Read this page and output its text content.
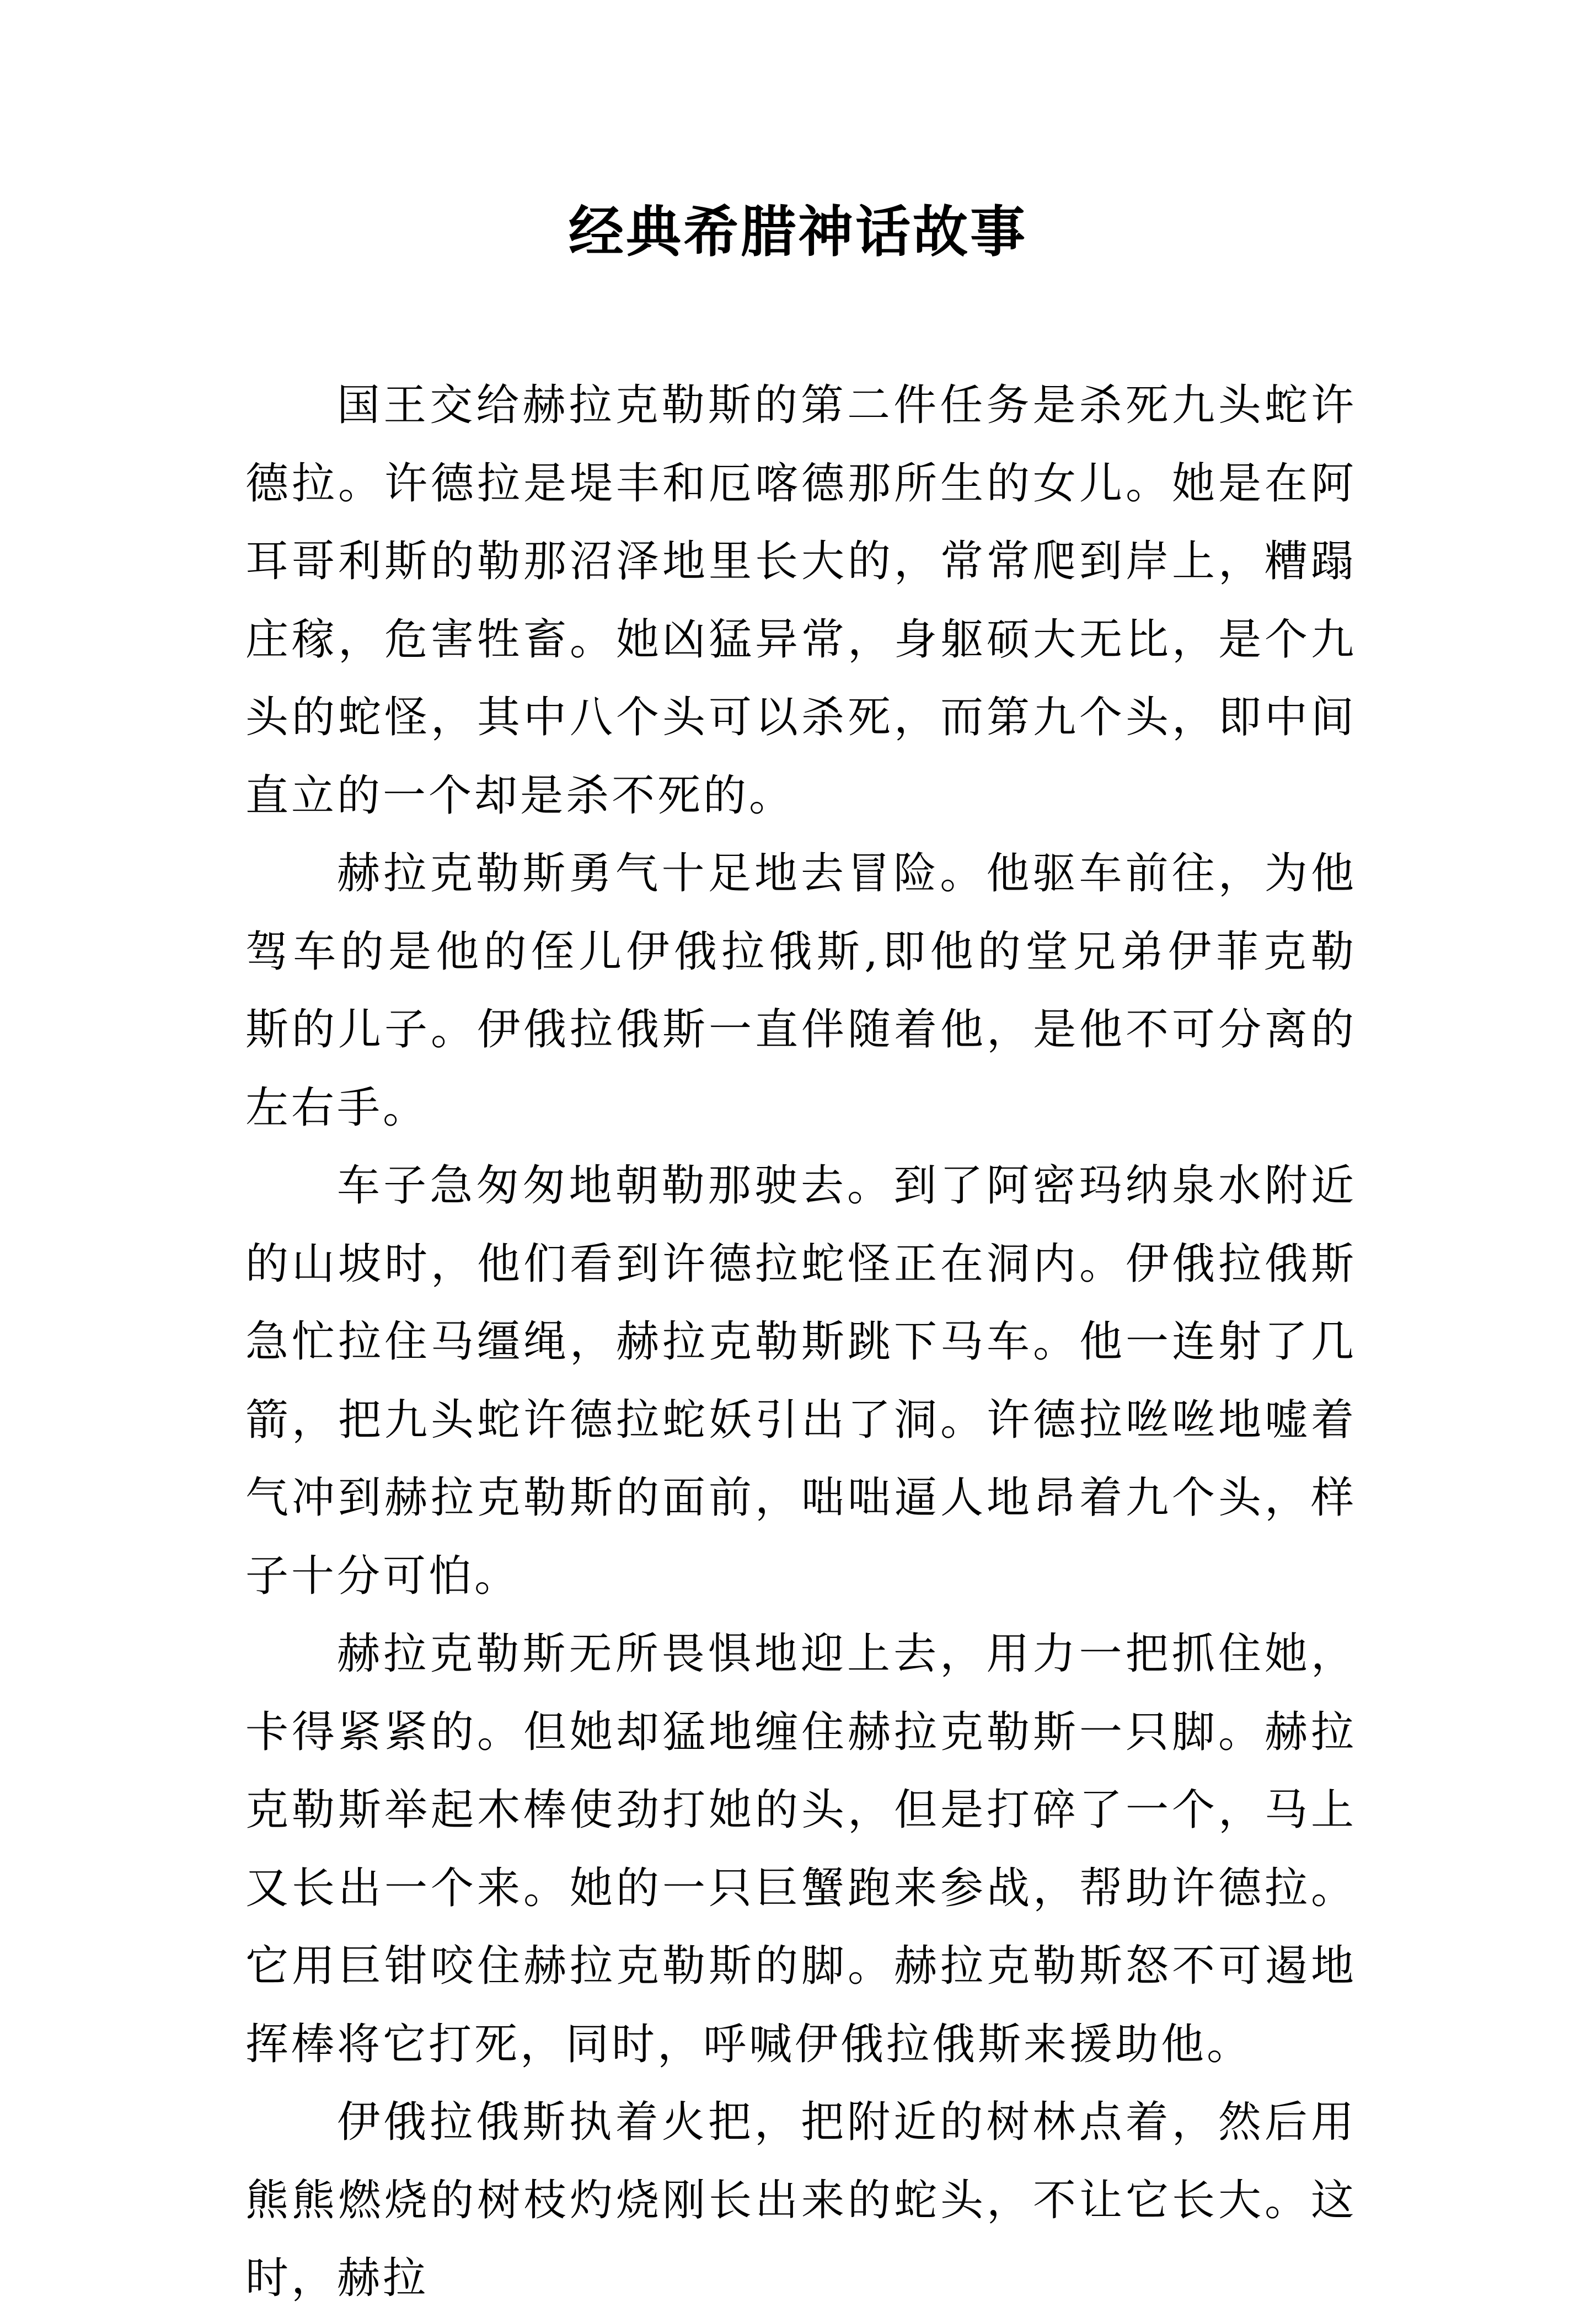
经典希腊神话故事

国王交给赫拉克勒斯的第二件任务是杀死九头蛇许德拉。许德拉是堤丰和厄喀德那所生的女儿。她是在阿耳哥利斯的勒那沼泽地里长大的，常常爬到岸上，糟蹋庄稼，危害牲畜。她凶猛异常，身躯硕大无比，是个九头的蛇怪，其中八个头可以杀死，而第九个头，即中间直立的一个却是杀不死的。

赫拉克勒斯勇气十足地去冒险。他驱车前往，为他驾车的是他的侄儿伊俄拉俄斯,即他的堂兄弟伊菲克勒斯的儿子。伊俄拉俄斯一直伴随着他，是他不可分离的左右手。

车子急匆匆地朝勒那驶去。到了阿密玛纳泉水附近的山坡时，他们看到许德拉蛇怪正在洞内。伊俄拉俄斯急忙拉住马缰绳，赫拉克勒斯跳下马车。他一连射了几箭，把九头蛇许德拉蛇妖引出了洞。许德拉咝咝地嘘着气冲到赫拉克勒斯的面前，咄咄逼人地昂着九个头，样子十分可怕。

赫拉克勒斯无所畏惧地迎上去，用力一把抓住她，卡得紧紧的。但她却猛地缠住赫拉克勒斯一只脚。赫拉克勒斯举起木棒使劲打她的头，但是打碎了一个，马上又长出一个来。她的一只巨蟹跑来参战，帮助许德拉。它用巨钳咬住赫拉克勒斯的脚。赫拉克勒斯怒不可遏地挥棒将它打死，同时，呼喊伊俄拉俄斯来援助他。

伊俄拉俄斯执着火把，把附近的树林点着，然后用熊熊燃烧的树枝灼烧刚长出来的蛇头，不让它长大。这时，赫拉
